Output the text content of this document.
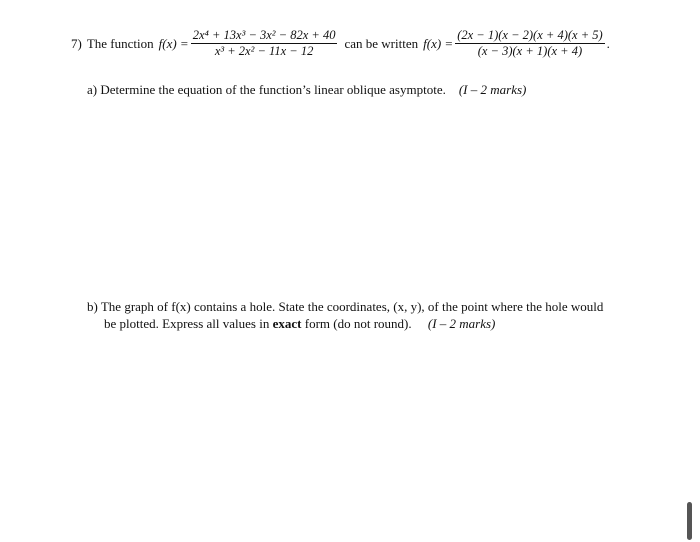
7) The function $f(x) = \frac{\text{2x⁴ + 13x³ − 3x² − 82x + 40}}{\text{x³ + 2x² − 11x − 12}}$ can be written $f(x) = \frac{(2x - 1)(x - 2)(x + 4)(x + 5)}{(x - 3)(x + 1)(x + 4)}$ .
a) Determine the equation of the function’s linear oblique asymptote. (I – 2 marks)
b) The graph of f(x) contains a hole. State the coordinates, (x, y), of the point where the hole would
be plotted. Express all values in exact form (do not round). (I – 2 marks)
